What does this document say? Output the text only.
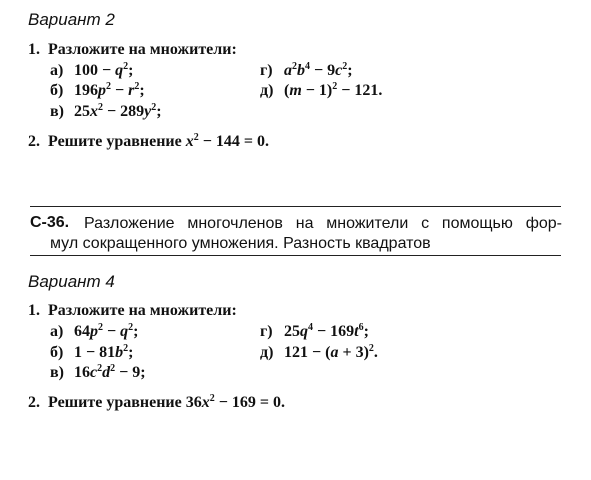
Вариант 2
1. Разложите на множители:
а) $100 - q^2$;
б) $196p^2 - r^2$;
в) $25x^2 - 289y^2$;
г) $a^2b^4 - 9c^2$;
д) $(m - 1)^2 - 121$.
2. Решите уравнение $x^2 - 144 = 0$.
С-36. Разложение многочленов на множители с помощью фор-
мул сокращенного умножения. Разность квадратов
Вариант 4
1. Разложите на множители:
а) $64p^2 - q^2$;
б) $1 - 81b^2$;
в) $16c^2d^2 - 9$;
г) $25q^4 - 169t^6$;
д) $121 - (a + 3)^2$.
2. Решите уравнение $36x^2 - 169 = 0$.
